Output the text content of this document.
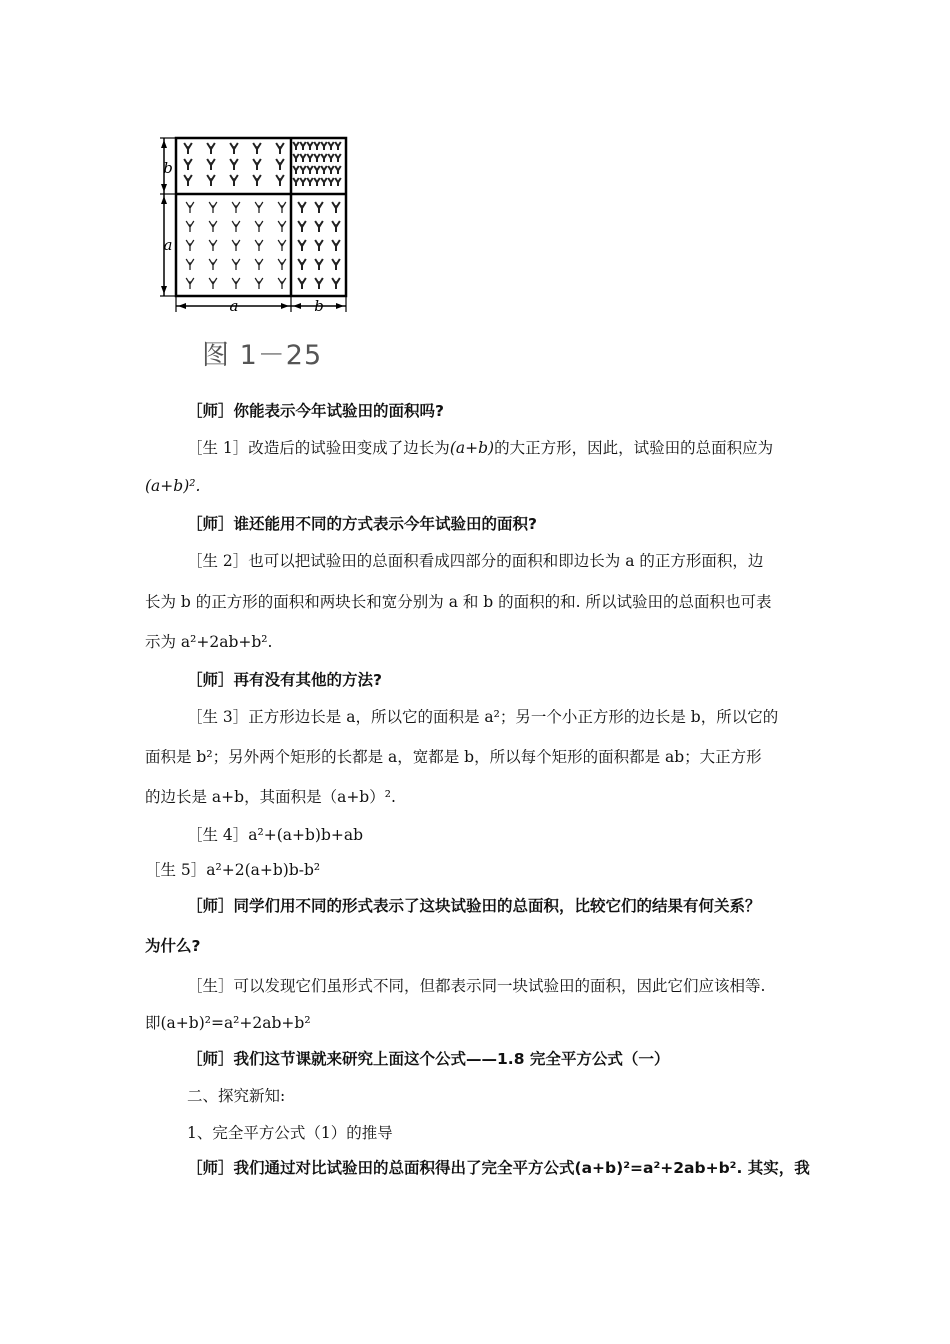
b
a
a	b
图 1－25
［师］你能表示今年试验田的面积吗?
［生 1］改造后的试验田变成了边长为(a+b)的大正方形，因此，试验田的总面积应为
(a+b)².
［师］谁还能用不同的方式表示今年试验田的面积?
［生 2］也可以把试验田的总面积看成四部分的面积和即边长为 a 的正方形面积，边
长为 b 的正方形的面积和两块长和宽分别为 a 和 b 的面积的和. 所以试验田的总面积也可表
示为 a²+2ab+b².
［师］再有没有其他的方法?
［生 3］正方形边长是 a，所以它的面积是 a²；另一个小正方形的边长是 b，所以它的
面积是 b²；另外两个矩形的长都是 a，宽都是 b，所以每个矩形的面积都是 ab；大正方形
的边长是 a+b，其面积是（a+b）².
［生 4］a²+(a+b)b+ab
［生 5］a²+2(a+b)b-b²
［师］同学们用不同的形式表示了这块试验田的总面积，比较它们的结果有何关系？
为什么?
［生］可以发现它们虽形式不同，但都表示同一块试验田的面积，因此它们应该相等.
即(a+b)²=a²+2ab+b²
［师］我们这节课就来研究上面这个公式——1.8 完全平方公式（一）
二、探究新知:
1、完全平方公式（1）的推导
［师］我们通过对比试验田的总面积得出了完全平方公式(a+b)²=a²+2ab+b². 其实，我
